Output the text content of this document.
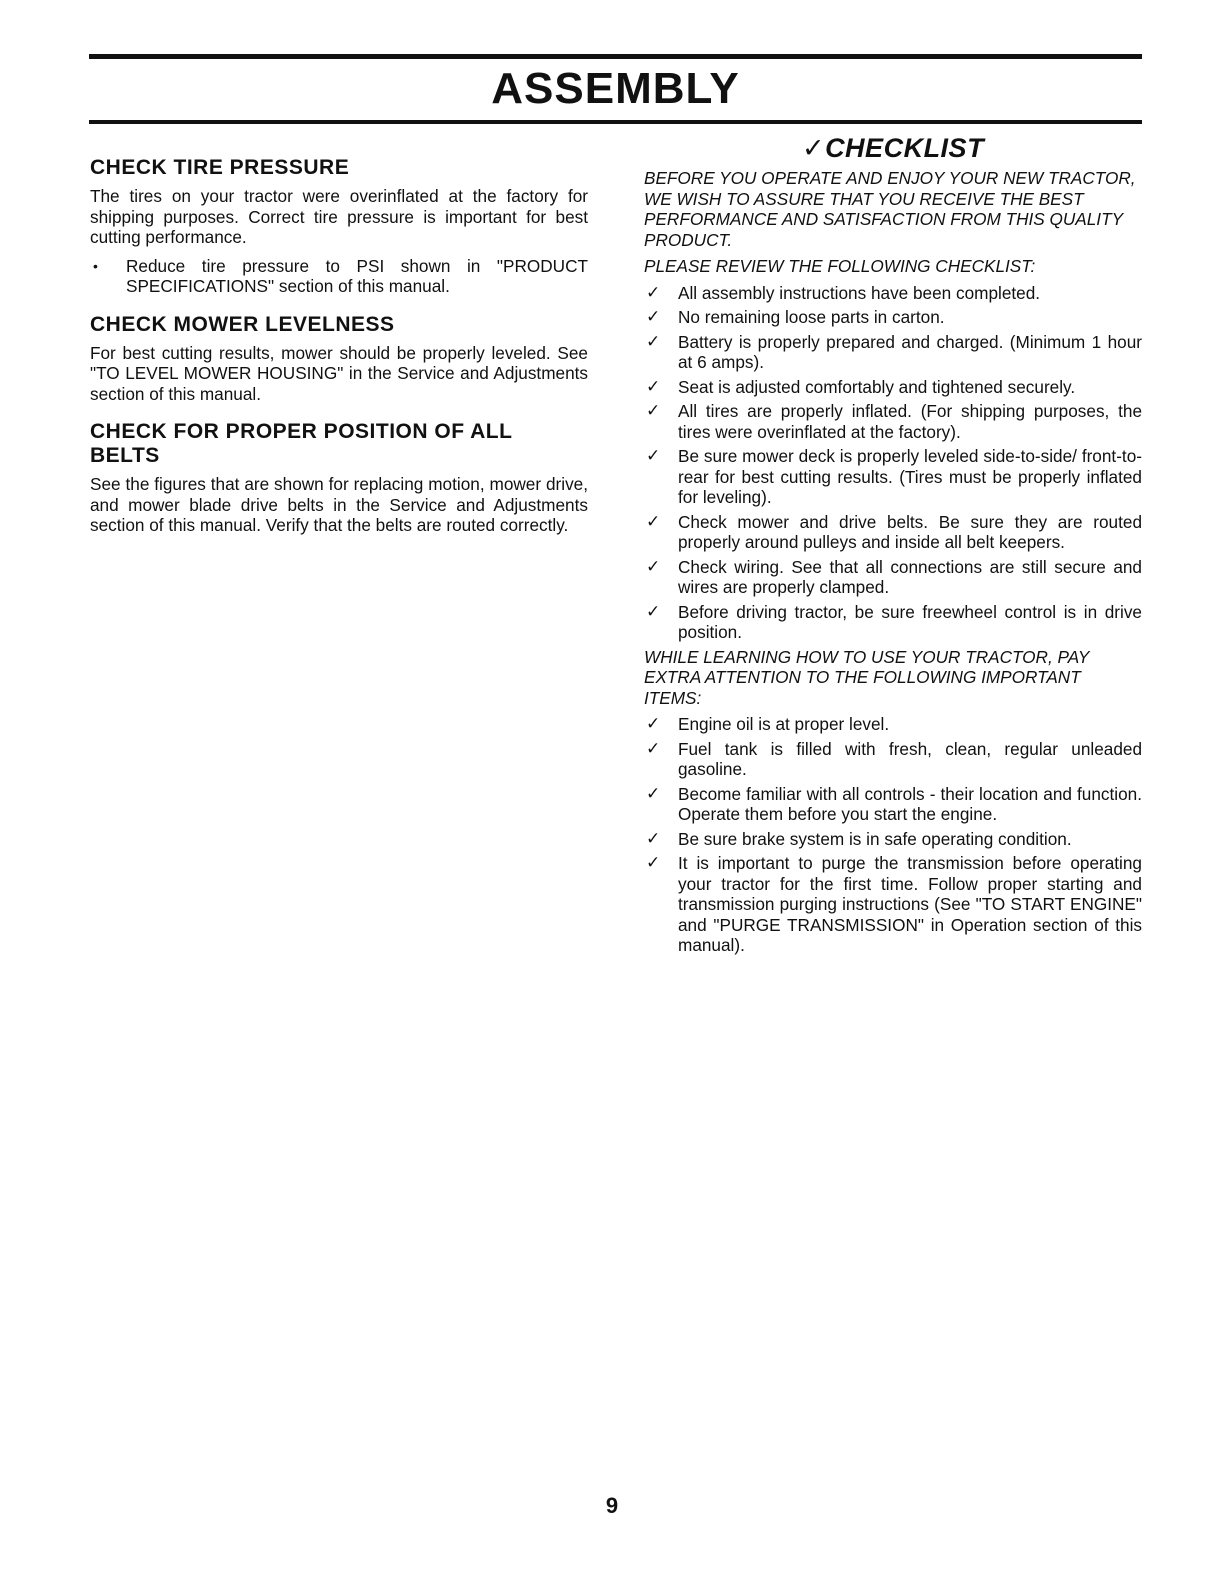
ASSEMBLY
CHECK TIRE PRESSURE

The tires on your tractor were overinflated at the factory for shipping purposes. Correct tire pressure is important for best cutting performance.

•	Reduce tire pressure to PSI shown in "PRODUCT SPECIFICATIONS" section of this manual.
CHECK MOWER LEVELNESS

For best cutting results, mower should be properly leveled. See "TO LEVEL MOWER HOUSING" in the Service and Adjustments section of this manual.

CHECK FOR PROPER POSITION OF ALL BELTS

See the figures that are shown for replacing motion, mower drive, and mower blade drive belts in the Service and Adjustments section of this manual. Verify that the belts are routed correctly.

✓CHECKLIST

BEFORE YOU OPERATE AND ENJOY YOUR NEW TRACTOR, WE WISH TO ASSURE THAT YOU RECEIVE THE BEST PERFORMANCE AND SATISFACTION FROM THIS QUALITY PRODUCT.

PLEASE REVIEW THE FOLLOWING CHECKLIST:

✓	All assembly instructions have been completed.
✓	No remaining loose parts in carton.
✓	Battery is properly prepared and charged. (Minimum 1 hour at 6 amps).
✓	Seat is adjusted comfortably and tightened securely.
✓	All tires are properly inflated. (For shipping purposes, the tires were overinflated at the factory).
✓	Be sure mower deck is properly leveled side-to-side/ front-to-rear for best cutting results. (Tires must be properly inflated for leveling).
✓	Check mower and drive belts. Be sure they are routed properly around pulleys and inside all belt keepers.
✓	Check wiring. See that all connections are still secure and wires are properly clamped.
✓	Before driving tractor, be sure freewheel control is in drive position.

WHILE LEARNING HOW TO USE YOUR TRACTOR, PAY EXTRA ATTENTION TO THE FOLLOWING IMPORTANT ITEMS:

✓	Engine oil is at proper level.
✓	Fuel tank is filled with fresh, clean, regular unleaded gasoline.
✓	Become familiar with all controls - their location and function. Operate them before you start the engine.
✓	Be sure brake system is in safe operating condition.
✓	It is important to purge the transmission before operating your tractor for the first time. Follow proper starting and transmission purging instructions (See "TO START ENGINE" and "PURGE TRANSMISSION" in Operation section of this manual).
9
